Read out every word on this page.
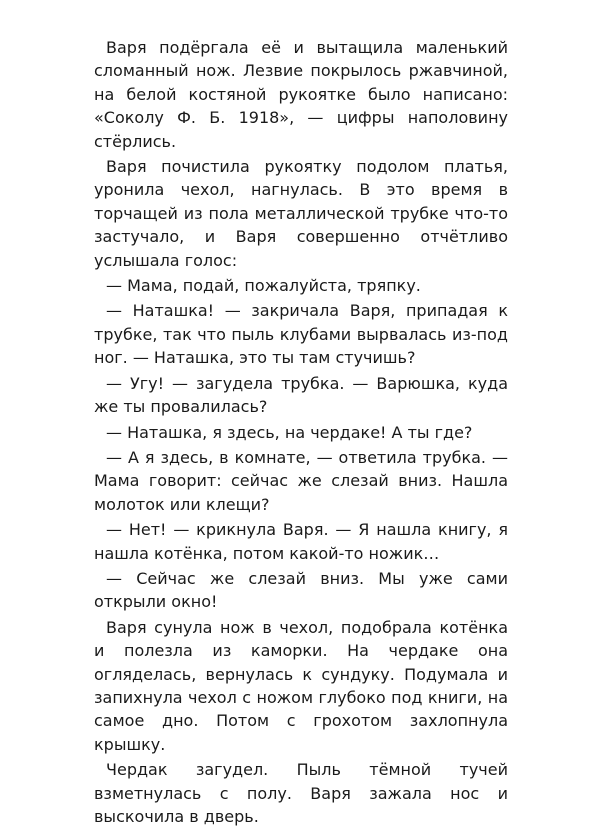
Варя подёргала её и вытащила маленький сломанный нож. Лезвие покрылось ржавчиной, на белой костяной рукоятке было написано: «Соколу Ф. Б. 1918», — цифры наполовину стёрлись.

Варя почистила рукоятку подолом платья, уронила чехол, нагнулась. В это время в торчащей из пола металлической трубке что-то застучало, и Варя совершенно отчётливо услышала голос:

— Мама, подай, пожалуйста, тряпку.

— Наташка! — закричала Варя, припадая к трубке, так что пыль клубами вырвалась из-под ног. — Наташка, это ты там стучишь?

— Угу! — загудела трубка. — Варюшка, куда же ты провалилась?

— Наташка, я здесь, на чердаке! А ты где?

— А я здесь, в комнате, — ответила трубка. — Мама говорит: сейчас же слезай вниз. Нашла молоток или клещи?

— Нет! — крикнула Варя. — Я нашла книгу, я нашла котёнка, потом какой-то ножик…

— Сейчас же слезай вниз. Мы уже сами открыли окно!

Варя сунула нож в чехол, подобрала котёнка и полезла из каморки. На чердаке она огляделась, вернулась к сундуку. Подумала и запихнула чехол с ножом глубоко под книги, на самое дно. Потом с грохотом захлопнула крышку.

Чердак загудел. Пыль тёмной тучей взметнулась с полу. Варя зажала нос и выскочила в дверь.
